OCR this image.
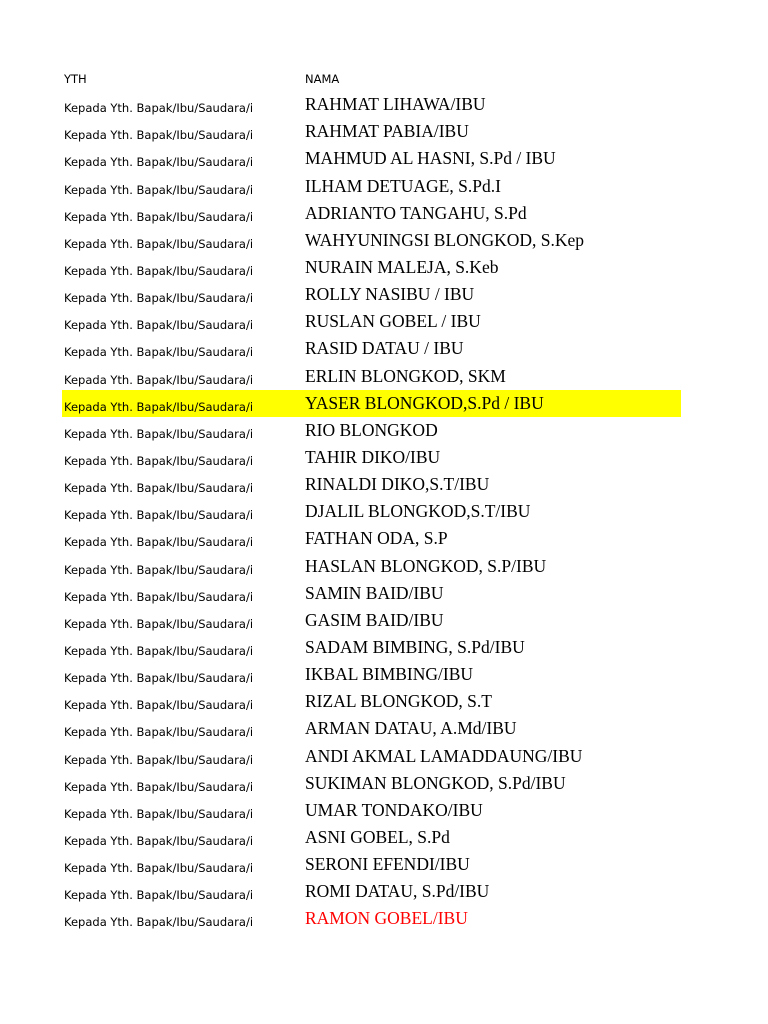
YTH	NAMA
Kepada Yth. Bapak/Ibu/Saudara/i	RAHMAT LIHAWA/IBU
Kepada Yth. Bapak/Ibu/Saudara/i	RAHMAT PABIA/IBU
Kepada Yth. Bapak/Ibu/Saudara/i	MAHMUD AL HASNI, S.Pd / IBU
Kepada Yth. Bapak/Ibu/Saudara/i	ILHAM DETUAGE, S.Pd.I
Kepada Yth. Bapak/Ibu/Saudara/i	ADRIANTO TANGAHU, S.Pd
Kepada Yth. Bapak/Ibu/Saudara/i	WAHYUNINGSI BLONGKOD, S.Kep
Kepada Yth. Bapak/Ibu/Saudara/i	NURAIN MALEJA, S.Keb
Kepada Yth. Bapak/Ibu/Saudara/i	ROLLY NASIBU / IBU
Kepada Yth. Bapak/Ibu/Saudara/i	RUSLAN GOBEL / IBU
Kepada Yth. Bapak/Ibu/Saudara/i	RASID DATAU / IBU
Kepada Yth. Bapak/Ibu/Saudara/i	ERLIN BLONGKOD, SKM
Kepada Yth. Bapak/Ibu/Saudara/i	YASER BLONGKOD,S.Pd / IBU
Kepada Yth. Bapak/Ibu/Saudara/i	RIO BLONGKOD
Kepada Yth. Bapak/Ibu/Saudara/i	TAHIR DIKO/IBU
Kepada Yth. Bapak/Ibu/Saudara/i	RINALDI DIKO,S.T/IBU
Kepada Yth. Bapak/Ibu/Saudara/i	DJALIL BLONGKOD,S.T/IBU
Kepada Yth. Bapak/Ibu/Saudara/i	FATHAN ODA, S.P
Kepada Yth. Bapak/Ibu/Saudara/i	HASLAN BLONGKOD, S.P/IBU
Kepada Yth. Bapak/Ibu/Saudara/i	SAMIN BAID/IBU
Kepada Yth. Bapak/Ibu/Saudara/i	GASIM BAID/IBU
Kepada Yth. Bapak/Ibu/Saudara/i	SADAM BIMBING, S.Pd/IBU
Kepada Yth. Bapak/Ibu/Saudara/i	IKBAL BIMBING/IBU
Kepada Yth. Bapak/Ibu/Saudara/i	RIZAL BLONGKOD, S.T
Kepada Yth. Bapak/Ibu/Saudara/i	ARMAN DATAU, A.Md/IBU
Kepada Yth. Bapak/Ibu/Saudara/i	ANDI AKMAL LAMADDAUNG/IBU
Kepada Yth. Bapak/Ibu/Saudara/i	SUKIMAN BLONGKOD, S.Pd/IBU
Kepada Yth. Bapak/Ibu/Saudara/i	UMAR TONDAKO/IBU
Kepada Yth. Bapak/Ibu/Saudara/i	ASNI GOBEL, S.Pd
Kepada Yth. Bapak/Ibu/Saudara/i	SERONI EFENDI/IBU
Kepada Yth. Bapak/Ibu/Saudara/i	ROMI DATAU, S.Pd/IBU
Kepada Yth. Bapak/Ibu/Saudara/i	RAMON GOBEL/IBU
